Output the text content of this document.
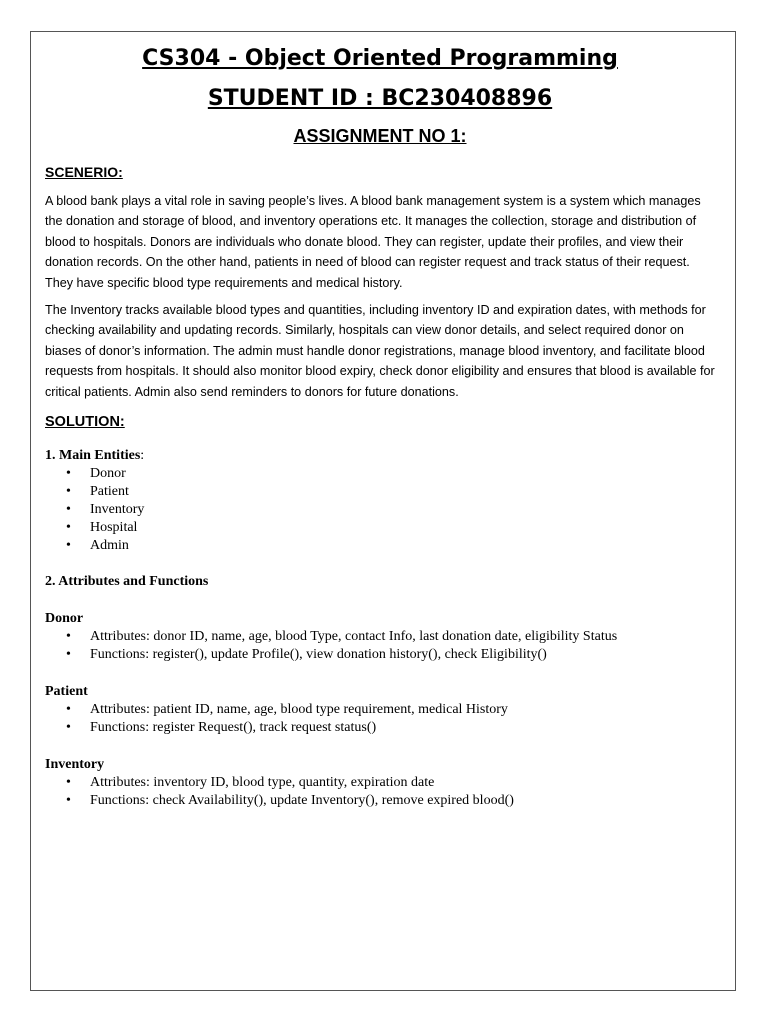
CS304 - Object Oriented Programming
STUDENT ID : BC230408896
ASSIGNMENT NO 1:
SCENERIO:

A blood bank plays a vital role in saving people’s lives. A blood bank management system is a system which manages the donation and storage of blood, and inventory operations etc. It manages the collection, storage and distribution of blood to hospitals. Donors are individuals who donate blood. They can register, update their profiles, and view their donation records. On the other hand, patients in need of blood can register request and track status of their request. They have specific blood type requirements and medical history.

The Inventory tracks available blood types and quantities, including inventory ID and expiration dates, with methods for checking availability and updating records. Similarly, hospitals can view donor details, and select required donor on biases of donor’s information. The admin must handle donor registrations, manage blood inventory, and facilitate blood requests from hospitals. It should also monitor blood expiry, check donor eligibility and ensures that blood is available for critical patients. Admin also send reminders to donors for future donations.

SOLUTION:

1. Main Entities:

• Donor
• Patient
• Inventory
• Hospital
• Admin

2. Attributes and Functions

Donor

• Attributes: donor ID, name, age, blood Type, contact Info, last donation date, eligibility Status
• Functions: register(), update Profile(), view donation history(), check Eligibility()

Patient

• Attributes: patient ID, name, age, blood type requirement, medical History
• Functions: register Request(), track request status()

Inventory

• Attributes: inventory ID, blood type, quantity, expiration date
• Functions: check Availability(), update Inventory(), remove expired blood()
